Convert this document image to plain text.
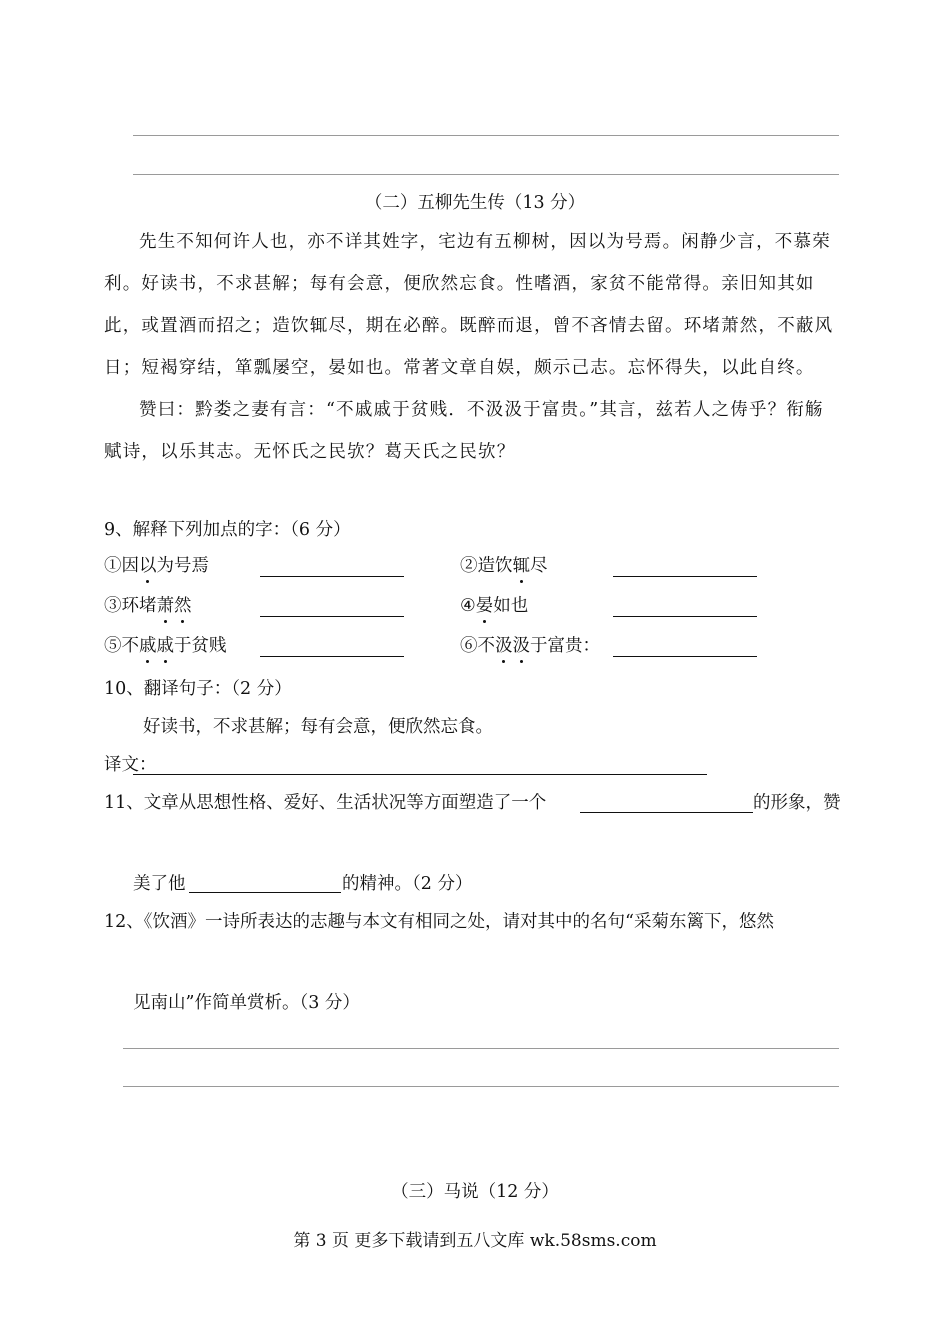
（二）五柳先生传（13 分）

先生不知何许人也，亦不详其姓字，宅边有五柳树，因以为号焉。闲静少言，不慕荣利。好读书，不求甚解；每有会意，便欣然忘食。性嗜酒，家贫不能常得。亲旧知其如此，或置酒而招之；造饮辄尽，期在必醉。既醉而退，曾不吝情去留。环堵萧然，不蔽风日；短褐穿结，箪瓢屡空，晏如也。常著文章自娱，颇示己志。忘怀得失，以此自终。

赞曰：黔娄之妻有言：“不戚戚于贫贱．不汲汲于富贵。”其言，兹若人之俦乎？衔觞赋诗，以乐其志。无怀氏之民欤？葛天氏之民欤？

9、解释下列加点的字：（6 分）
①因以为号焉	②造饮辄尽
③环堵萧然	④晏如也
⑤不戚戚于贫贱	⑥不汲汲于富贵：
10、翻译句子：（2 分）
好读书，不求甚解；每有会意，便欣然忘食。
译文：
11、文章从思想性格、爱好、生活状况等方面塑造了一个	的形象，赞
美了他	的精神。（2 分）
12、《饮酒》一诗所表达的志趣与本文有相同之处，请对其中的名句“采菊东篱下，悠然
见南山”作简单赏析。（3 分）
（三）马说（12 分）
第 3 页 更多下载请到五八文库 wk.58sms.com
